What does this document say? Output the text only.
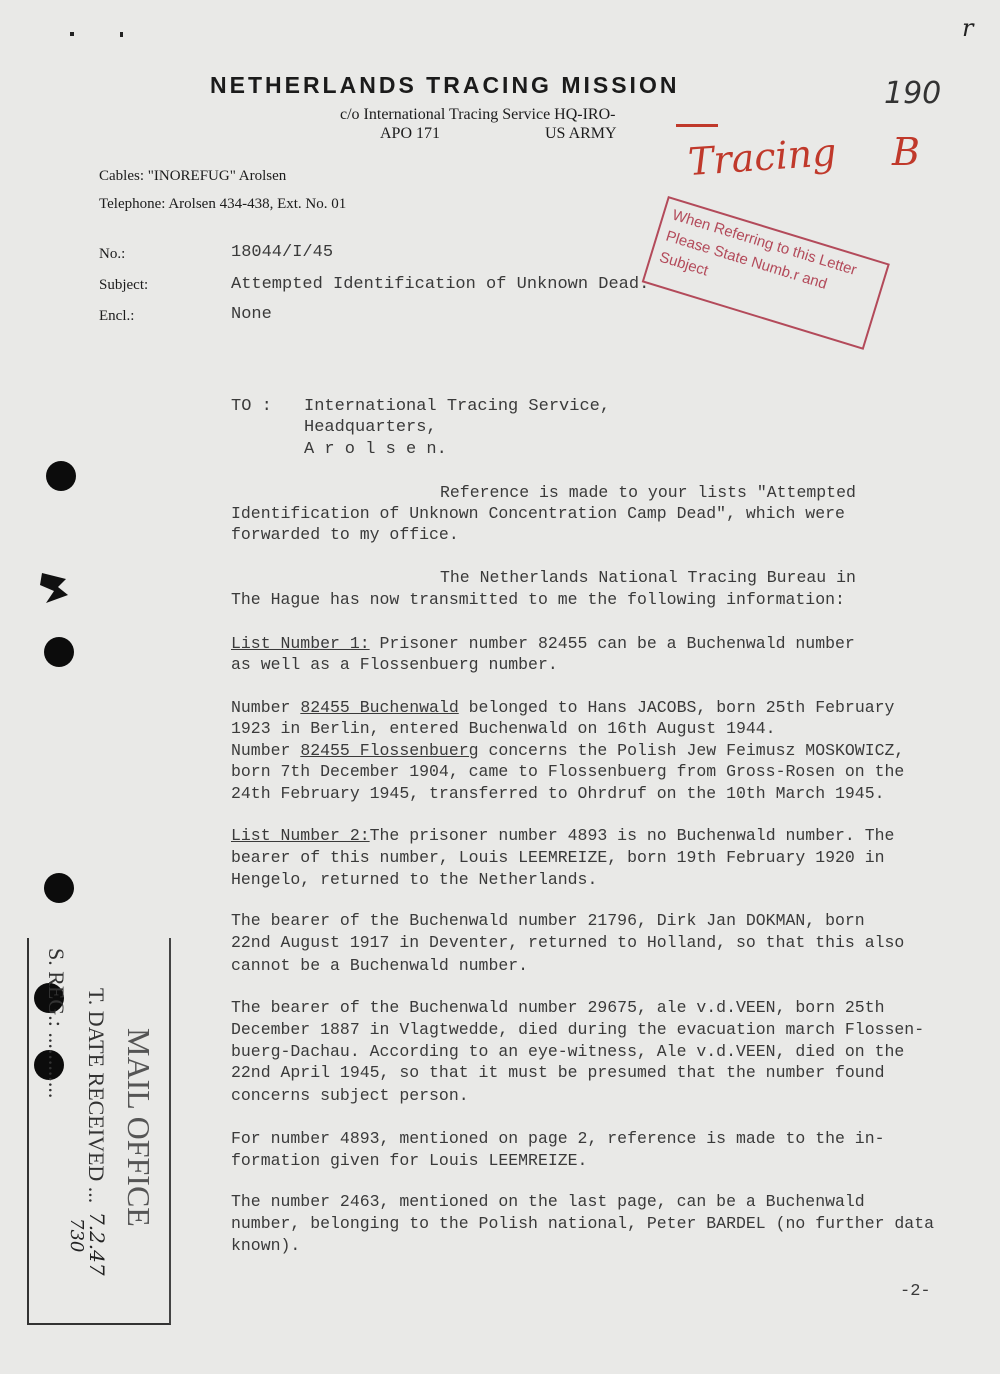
r
190
NETHERLANDS TRACING MISSION
c/o International Tracing Service HQ-IRO-
APO 171	US ARMY Tracing B
When Referring to this Letter Please State Numb.r and Subject
Cables: "INOREFUG" Arolsen
Telephone: Arolsen 434-438, Ext. No. 01
No.:	18044/I/45
Subject:	Attempted Identification of Unknown Dead.
Encl.:	None
TO : International Tracing Service,
Headquarters,
A r o l s e n.
Reference is made to your lists "Attempted
Identification of Unknown Concentration Camp Dead", which were
forwarded to my office.
The Netherlands National Tracing Bureau in
The Hague has now transmitted to me the following information:
List Number 1: Prisoner number 82455 can be a Buchenwald number
as well as a Flossenbuerg number.
Number 82455 Buchenwald belonged to Hans JACOBS, born 25th February
1923 in Berlin, entered Buchenwald on 16th August 1944.
Number 82455 Flossenbuerg concerns the Polish Jew Feimusz MOSKOWICZ,
born 7th December 1904, came to Flossenbuerg from Gross-Rosen on the
24th February 1945, transferred to Ohrdruf on the 10th March 1945.
List Number 2:The prisoner number 4893 is no Buchenwald number. The
bearer of this number, Louis LEEMREIZE, born 19th February 1920 in
Hengelo, returned to the Netherlands.
The bearer of the Buchenwald number 21796, Dirk Jan DOKMAN, born
22nd August 1917 in Deventer, returned to Holland, so that this also
cannot be a Buchenwald number.
The bearer of the Buchenwald number 29675, ale v.d.VEEN, born 25th
December 1887 in Vlagtwedde, died during the evacuation march Flossen-
buerg-Dachau. According to an eye-witness, Ale v.d.VEEN, died on the
22nd April 1945, so that it must be presumed that the number found
concerns subject person.
For number 4893, mentioned on page 2, reference is made to the in-
formation given for Louis LEEMREIZE.
The number 2463, mentioned on the last page, can be a Buchenwald
number, belonging to the Polish national, Peter BARDEL (no further data
known).
-2-
S. REG.: ............ T. DATE RECEIVED ... MAIL OFFICE
7.2.47
730
